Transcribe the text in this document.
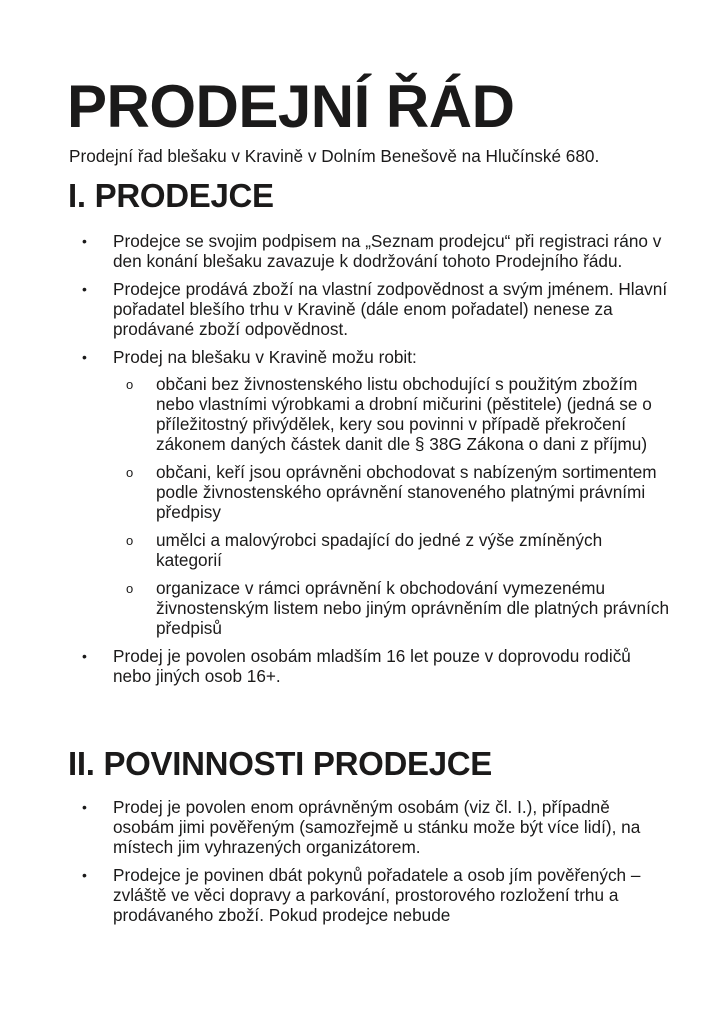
PRODEJNÍ ŘÁD

Prodejní řad blešaku v Kravině v Dolním Benešově na Hlučínské 680.

I. PRODEJCE
• Prodejce se svojim podpisem na „Seznam prodejcu“ při registraci ráno v den konání blešaku zavazuje k dodržování tohoto Prodejního řádu.
• Prodejce prodává zboží na vlastní zodpovědnost a svým jménem. Hlavní pořadatel blešího trhu v Kravině (dále enom pořadatel) nenese za prodávané zboží odpovědnost.
• Prodej na blešaku v Kravině možu robit:
o občani bez živnostenského listu obchodující s použitým zbožím nebo vlastními výrobkami a drobní mičurini (pěstitele) (jedná se o příležitostný přivýdělek, kery sou povinni v případě překročení zákonem daných částek danit dle § 38G Zákona o dani z příjmu)
o občani, keří jsou oprávněni obchodovat s nabízeným sortimentem podle živnostenského oprávnění stanoveného platnými právními předpisy
o umělci a malovýrobci spadající do jedné z výše zmíněných kategorií
o organizace v rámci oprávnění k obchodování vymezenému živnostenským listem nebo jiným oprávněním dle platných právních předpisů
• Prodej je povolen osobám mladším 16 let pouze v doprovodu rodičů nebo jiných osob 16+.
II. POVINNOSTI PRODEJCE
• Prodej je povolen enom oprávněným osobám (viz čl. I.), případně osobám jimi pověřeným (samozřejmě u stánku može být více lidí), na místech jim vyhrazených organizátorem.
• Prodejce je povinen dbát pokynů pořadatele a osob jím pověřených – zvláště ve věci dopravy a parkování, prostorového rozložení trhu a prodávaného zboží. Pokud prodejce nebude
